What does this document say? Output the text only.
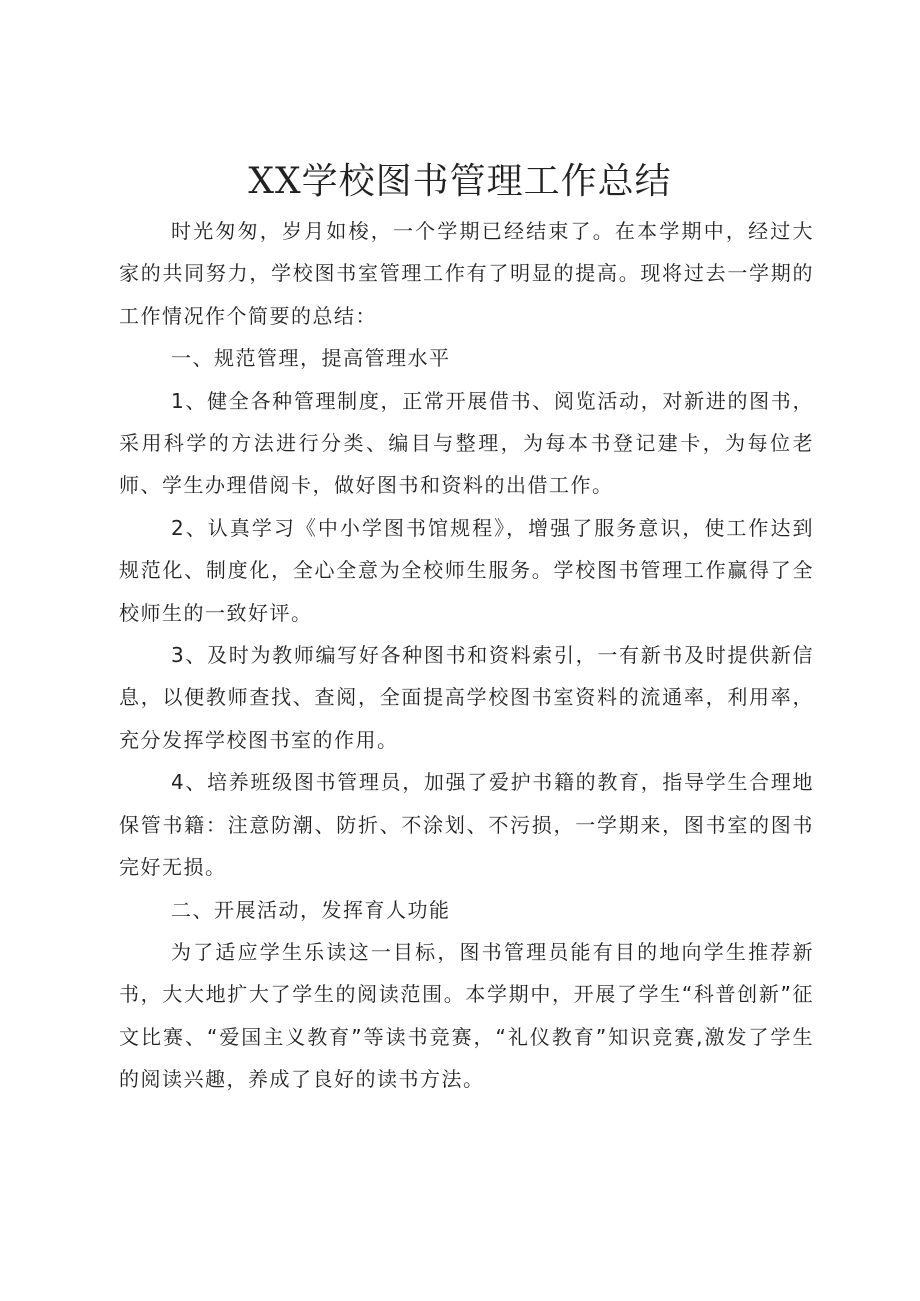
XX学校图书管理工作总结

时光匆匆，岁月如梭，一个学期已经结束了。在本学期中，经过大家的共同努力，学校图书室管理工作有了明显的提高。现将过去一学期的工作情况作个简要的总结：

一、规范管理，提高管理水平

1、健全各种管理制度，正常开展借书、阅览活动，对新进的图书，采用科学的方法进行分类、编目与整理，为每本书登记建卡，为每位老师、学生办理借阅卡，做好图书和资料的出借工作。

2、认真学习《中小学图书馆规程》，增强了服务意识，使工作达到规范化、制度化，全心全意为全校师生服务。学校图书管理工作赢得了全校师生的一致好评。

3、及时为教师编写好各种图书和资料索引，一有新书及时提供新信息，以便教师查找、查阅，全面提高学校图书室资料的流通率，利用率，充分发挥学校图书室的作用。

4、培养班级图书管理员，加强了爱护书籍的教育，指导学生合理地保管书籍：注意防潮、防折、不涂划、不污损，一学期来，图书室的图书完好无损。

二、开展活动，发挥育人功能

为了适应学生乐读这一目标，图书管理员能有目的地向学生推荐新书，大大地扩大了学生的阅读范围。本学期中，开展了学生“科普创新”征文比赛、“爱国主义教育”等读书竞赛，“礼仪教育”知识竞赛,激发了学生的阅读兴趣，养成了良好的读书方法。
